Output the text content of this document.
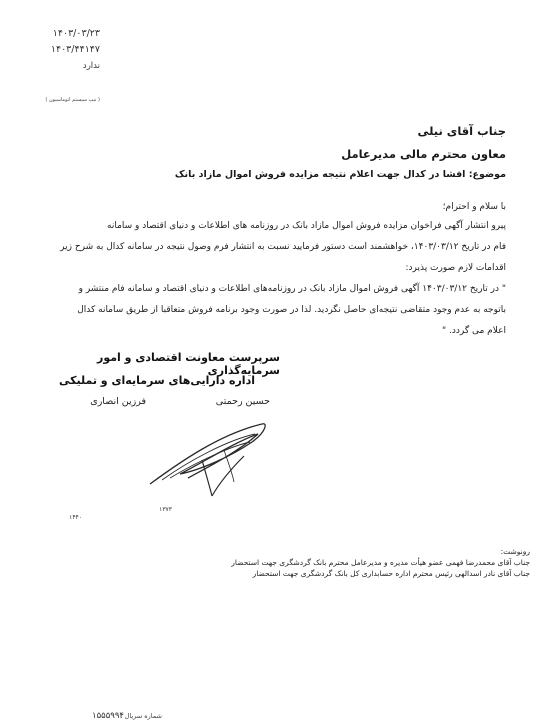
۱۴۰۳/۰۳/۲۳
۱۴۰۳/۴۴۱۴۷
ندارد
( تیپ سیستم اتوماسیون )
جناب آقای نیلی
معاون محترم مالی مدیرعامل
موضوع: افشا در کدال جهت اعلام نتیجه مزایده فروش اموال مازاد بانک
با سلام و احترام؛
پیرو انتشار آگهی فراخوان مزایده فروش اموال مازاد بانک در روزنامه های اطلاعات و دنیای اقتصاد و سامانه
فام در تاریخ ۱۴۰۳/۰۳/۱۲، خواهشمند است دستور فرمایید نسبت به انتشار فرم وصول نتیجه در سامانه کدال به شرح زیر
اقدامات لازم صورت پذیرد:
" در تاریخ ۱۴۰۳/۰۳/۱۲ آگهی فروش اموال مازاد بانک در روزنامه‌های اطلاعات و دنیای اقتصاد و سامانه فام منتشر و
باتوجه به عدم وجود متقاضی نتیجه‌ای حاصل نگردید. لذا در صورت وجود برنامه فروش متعاقبا از طریق سامانه کدال
اعلام می گردد. "
سرپرست معاونت اقتصادی و امور سرمایه‌گذاری
اداره دارایی‌های سرمایه‌ای و تملیکی
حسین رحمتی
فرزین انصاری
۱۳۷۳
۱۴۴۰
رونوشت:
جناب آقای محمدرضا فهمی عضو هیأت مدیره و مدیرعامل محترم بانک گردشگری جهت استحضار
جناب آقای نادر اسدالهی رئیس محترم اداره حسابداری کل بانک گردشگری جهت استحضار
شماره سریال :
۱۵۵۵۹۹۴
